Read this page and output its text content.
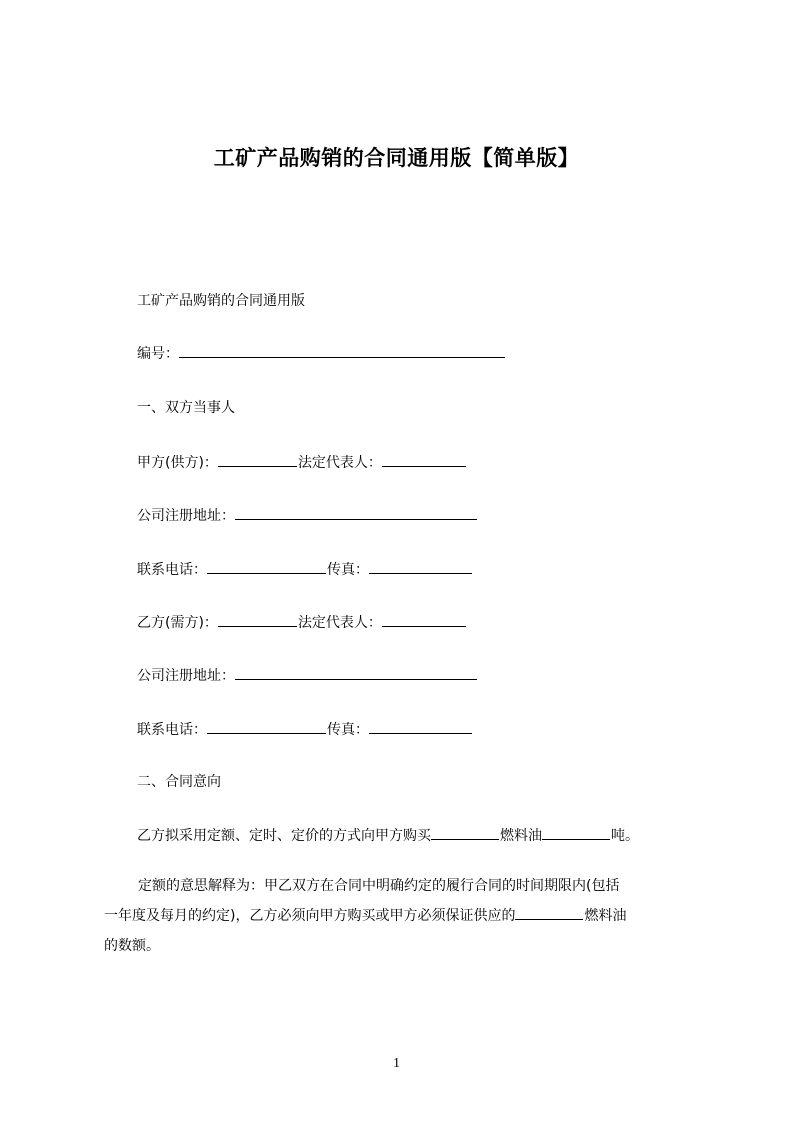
工矿产品购销的合同通用版【简单版】
工矿产品购销的合同通用版
编号：
一、双方当事人
甲方(供方)：	法定代表人：
公司注册地址：
联系电话：	传真：
乙方(需方)：	法定代表人：
公司注册地址：
联系电话：	传真：
二、合同意向
乙方拟采用定额、定时、定价的方式向甲方购买	燃料油	吨。
定额的意思解释为：甲乙双方在合同中明确约定的履行合同的时间期限内(包括
一年度及每月的约定)，乙方必须向甲方购买或甲方必须保证供应的	燃料油
的数额。
1
